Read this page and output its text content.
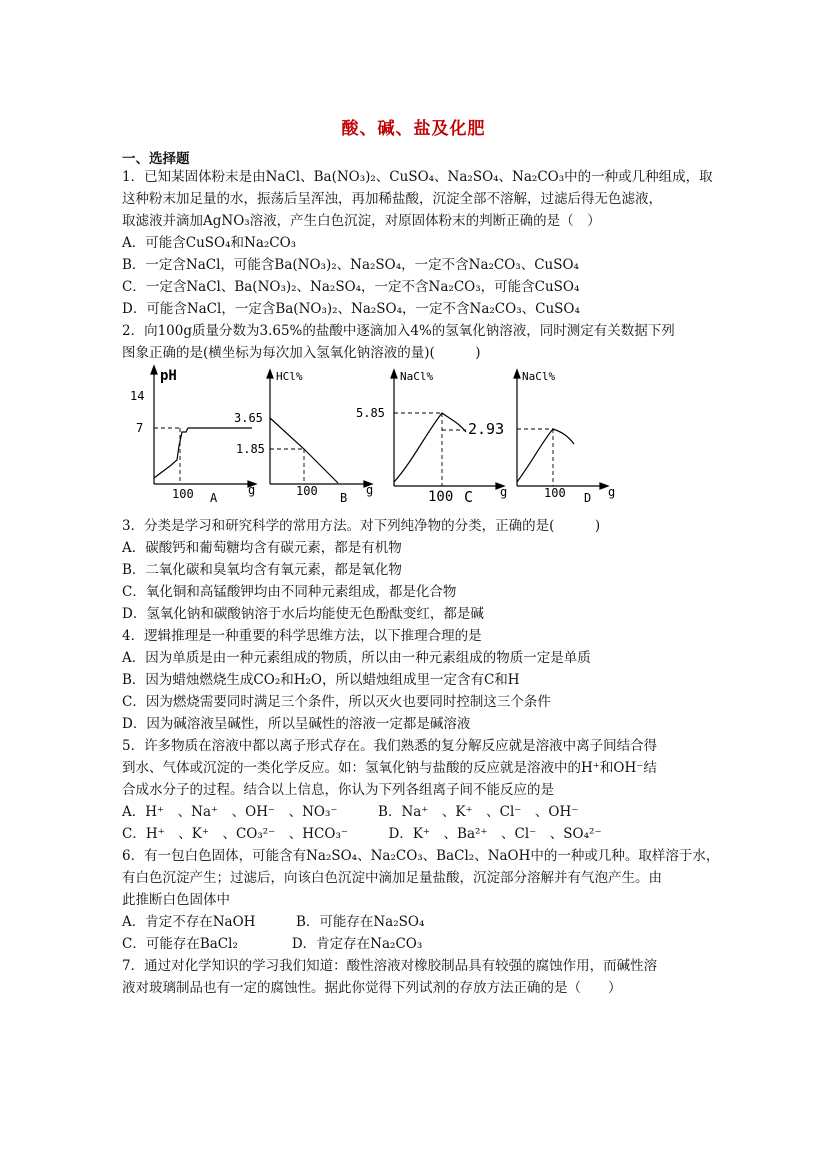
酸、碱、盐及化肥
一、选择题
1．已知某固体粉末是由NaCl、Ba(NO₃)₂、CuSO₄、Na₂SO₄、Na₂CO₃中的一种或几种组成，取
这种粉末加足量的水，振荡后呈浑浊，再加稀盐酸，沉淀全部不溶解，过滤后得无色滤液，
取滤液并滴加AgNO₃溶液，产生白色沉淀，对原固体粉末的判断正确的是（　）
A．可能含CuSO₄和Na₂CO₃
B．一定含NaCl，可能含Ba(NO₃)₂、Na₂SO₄，一定不含Na₂CO₃、CuSO₄
C．一定含NaCl、Ba(NO₃)₂、Na₂SO₄，一定不含Na₂CO₃，可能含CuSO₄
D．可能含NaCl，一定含Ba(NO₃)₂、Na₂SO₄，一定不含Na₂CO₃、CuSO₄
2．向100g质量分数为3.65%的盐酸中逐滴加入4%的氢氧化钠溶液，同时测定有关数据下列
图象正确的是(横坐标为每次加入氢氧化钠溶液的量)(　　　)
3．分类是学习和研究科学的常用方法。对下列纯净物的分类，正确的是(　　　)
A．碳酸钙和葡萄糖均含有碳元素，都是有机物
B．二氧化碳和臭氧均含有氧元素，都是氧化物
C．氧化铜和高锰酸钾均由不同种元素组成，都是化合物
D．氢氧化钠和碳酸钠溶于水后均能使无色酚酞变红，都是碱
4．逻辑推理是一种重要的科学思维方法，以下推理合理的是
A．因为单质是由一种元素组成的物质，所以由一种元素组成的物质一定是单质
B．因为蜡烛燃烧生成CO₂和H₂O，所以蜡烛组成里一定含有C和H
C．因为燃烧需要同时满足三个条件，所以灭火也要同时控制这三个条件
D．因为碱溶液呈碱性，所以呈碱性的溶液一定都是碱溶液
5．许多物质在溶液中都以离子形式存在。我们熟悉的复分解反应就是溶液中离子间结合得
到水、气体或沉淀的一类化学反应。如：氢氧化钠与盐酸的反应就是溶液中的H⁺和OH⁻结
合成水分子的过程。结合以上信息，你认为下列各组离子间不能反应的是
A．H⁺　、Na⁺　、OH⁻　、NO₃⁻　　　B．Na⁺　、K⁺　、Cl⁻　、OH⁻
C．H⁺　、K⁺　、CO₃²⁻　、HCO₃⁻　　　D．K⁺　、Ba²⁺　、Cl⁻　、SO₄²⁻
6．有一包白色固体，可能含有Na₂SO₄、Na₂CO₃、BaCl₂、NaOH中的一种或几种。取样溶于水，
有白色沉淀产生；过滤后，向该白色沉淀中滴加足量盐酸，沉淀部分溶解并有气泡产生。由
此推断白色固体中
A．肯定不存在NaOH　　　B．可能存在Na₂SO₄
C．可能存在BaCl₂　　　　D．肯定存在Na₂CO₃
7．通过对化学知识的学习我们知道：酸性溶液对橡胶制品具有较强的腐蚀作用，而碱性溶
液对玻璃制品也有一定的腐蚀性。据此你觉得下列试剂的存放方法正确的是（　　）
pH
14
7
100 A
g
HCl%
3.65
1.85
100 B
g
NaCl%
5.85
2.93
100 C g
NaCl%
100 D g
